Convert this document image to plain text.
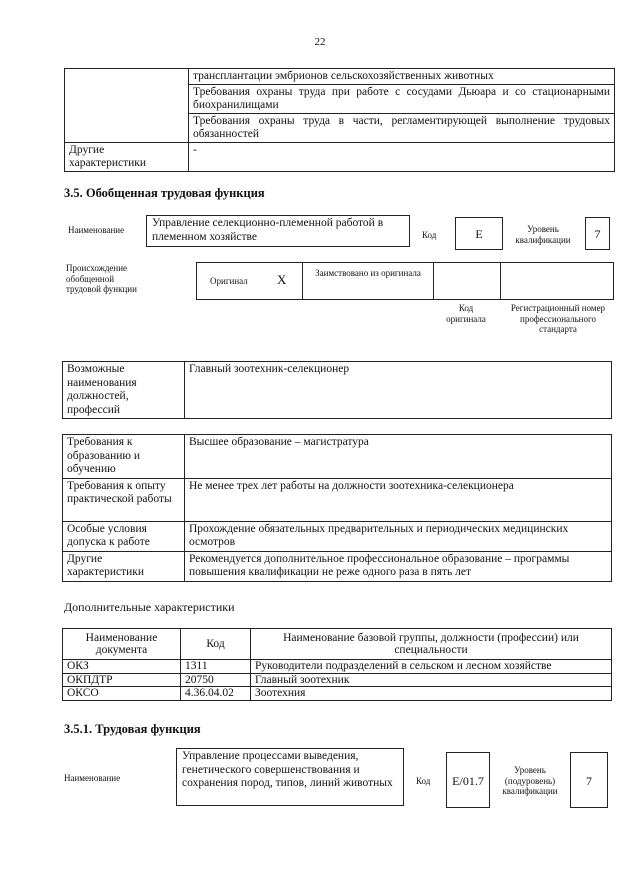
22
	трансплантации эмбрионов сельскохозяйственных животных
	Требования охраны труда при работе с сосудами Дьюара и со стационарными биохранилищами
	Требования охраны труда в части, регламентирующей выполнение трудовых обязанностей
Другие характеристики	-
3.5. Обобщенная трудовая функция
Наименование
Управление селекционно-племенной работой в племенном хозяйстве	Код	E	Уровень квалификации	7
Происхождение обобщенной трудовой функции
Оригинал X	Заимствовано из оригинала
Код оригинала
Регистрационный номер профессионального стандарта
Возможные наименования должностей, профессий	Главный зоотехник-селекционер
Требования к образованию и обучению	Высшее образование – магистратура
Требования к опыту практической работы	Не менее трех лет работы на должности зоотехника-селекционера
Особые условия допуска к работе	Прохождение обязательных предварительных и периодических медицинских осмотров
Другие характеристики	Рекомендуется дополнительное профессиональное образование – программы повышения квалификации не реже одного раза в пять лет
Дополнительные характеристики
Наименование документа	Код	Наименование базовой группы, должности (профессии) или специальности
ОКЗ	1311	Руководители подразделений в сельском и лесном хозяйстве
ОКПДТР	20750	Главный зоотехник
ОКСО	4.36.04.02	Зоотехния
3.5.1. Трудовая функция
Наименование
Управление процессами выведения, генетического совершенствования и сохранения пород, типов, линий животных	Код	E/01.7
Уровень (подуровень) квалификации
7
